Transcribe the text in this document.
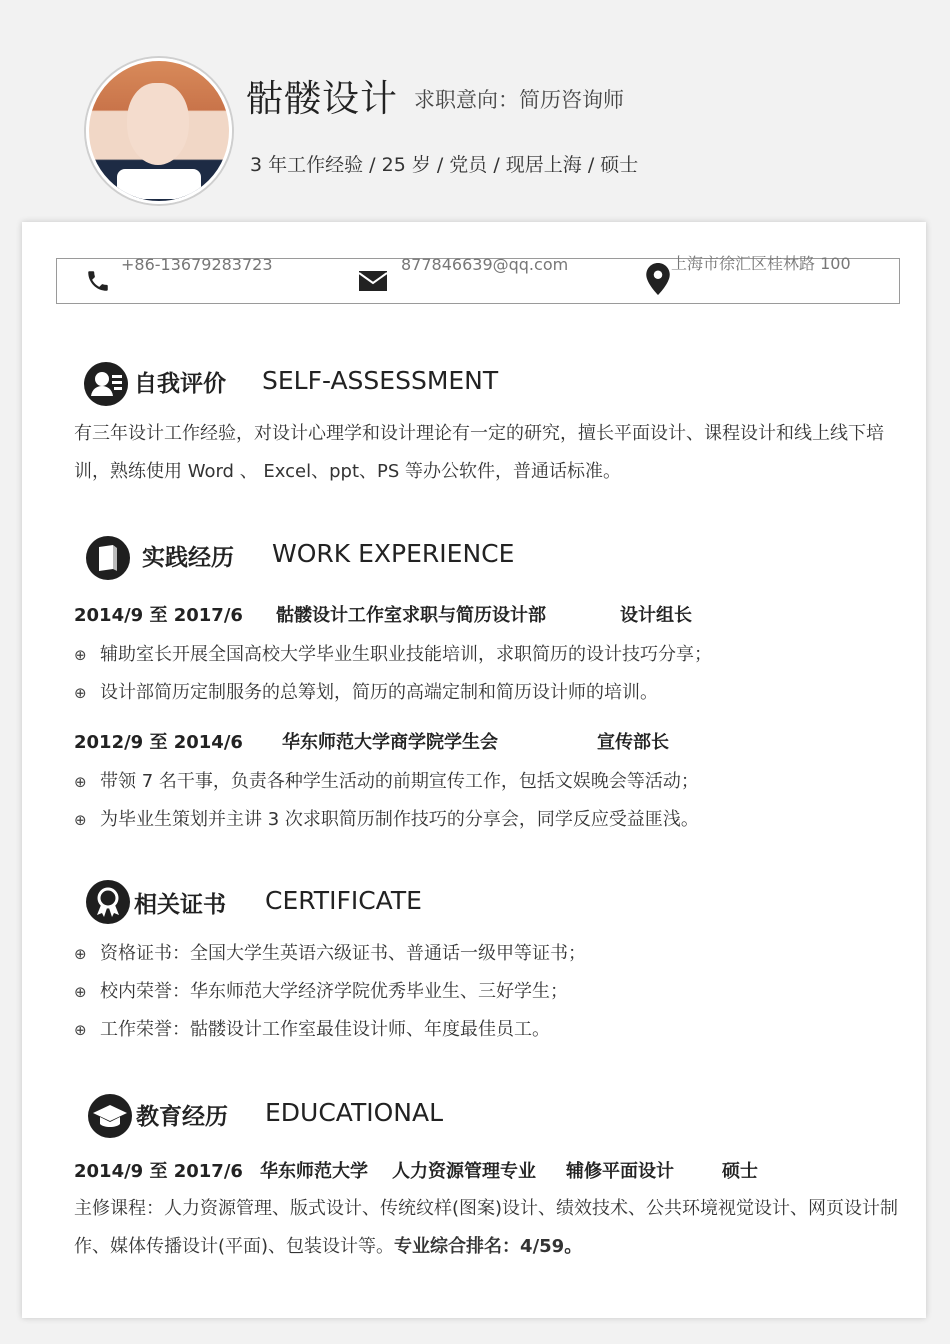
骷髅设计 求职意向：简历咨询师
3 年工作经验 / 25 岁 / 党员 / 现居上海 / 硕士
+86-13679283723	877846639@qq.com	上海市徐汇区桂林路 100
自我评价 SELF-ASSESSMENT
有三年设计工作经验，对设计心理学和设计理论有一定的研究，擅长平面设计、课程设计和线上线下培训，熟练使用 Word 、 Excel、ppt、PS 等办公软件，普通话标准。
实践经历 WORK EXPERIENCE
2014/9 至 2017/6 骷髅设计工作室求职与简历设计部	设计组长
⊕ 辅助室长开展全国高校大学毕业生职业技能培训，求职简历的设计技巧分享；
⊕ 设计部简历定制服务的总筹划，简历的高端定制和简历设计师的培训。
2012/9 至 2014/6 华东师范大学商学院学生会	宣传部长
⊕ 带领 7 名干事，负责各种学生活动的前期宣传工作，包括文娱晚会等活动；
⊕ 为毕业生策划并主讲 3 次求职简历制作技巧的分享会，同学反应受益匪浅。
相关证书 CERTIFICATE
⊕ 资格证书：全国大学生英语六级证书、普通话一级甲等证书；
⊕ 校内荣誉：华东师范大学经济学院优秀毕业生、三好学生；
⊕ 工作荣誉：骷髅设计工作室最佳设计师、年度最佳员工。
教育经历 EDUCATIONAL
2014/9 至 2017/6 华东师范大学 人力资源管理专业 辅修平面设计	硕士
主修课程：人力资源管理、版式设计、传统纹样(图案)设计、绩效技术、公共环境视觉设计、网页设计制作、媒体传播设计(平面)、包装设计等。专业综合排名：4/59。
